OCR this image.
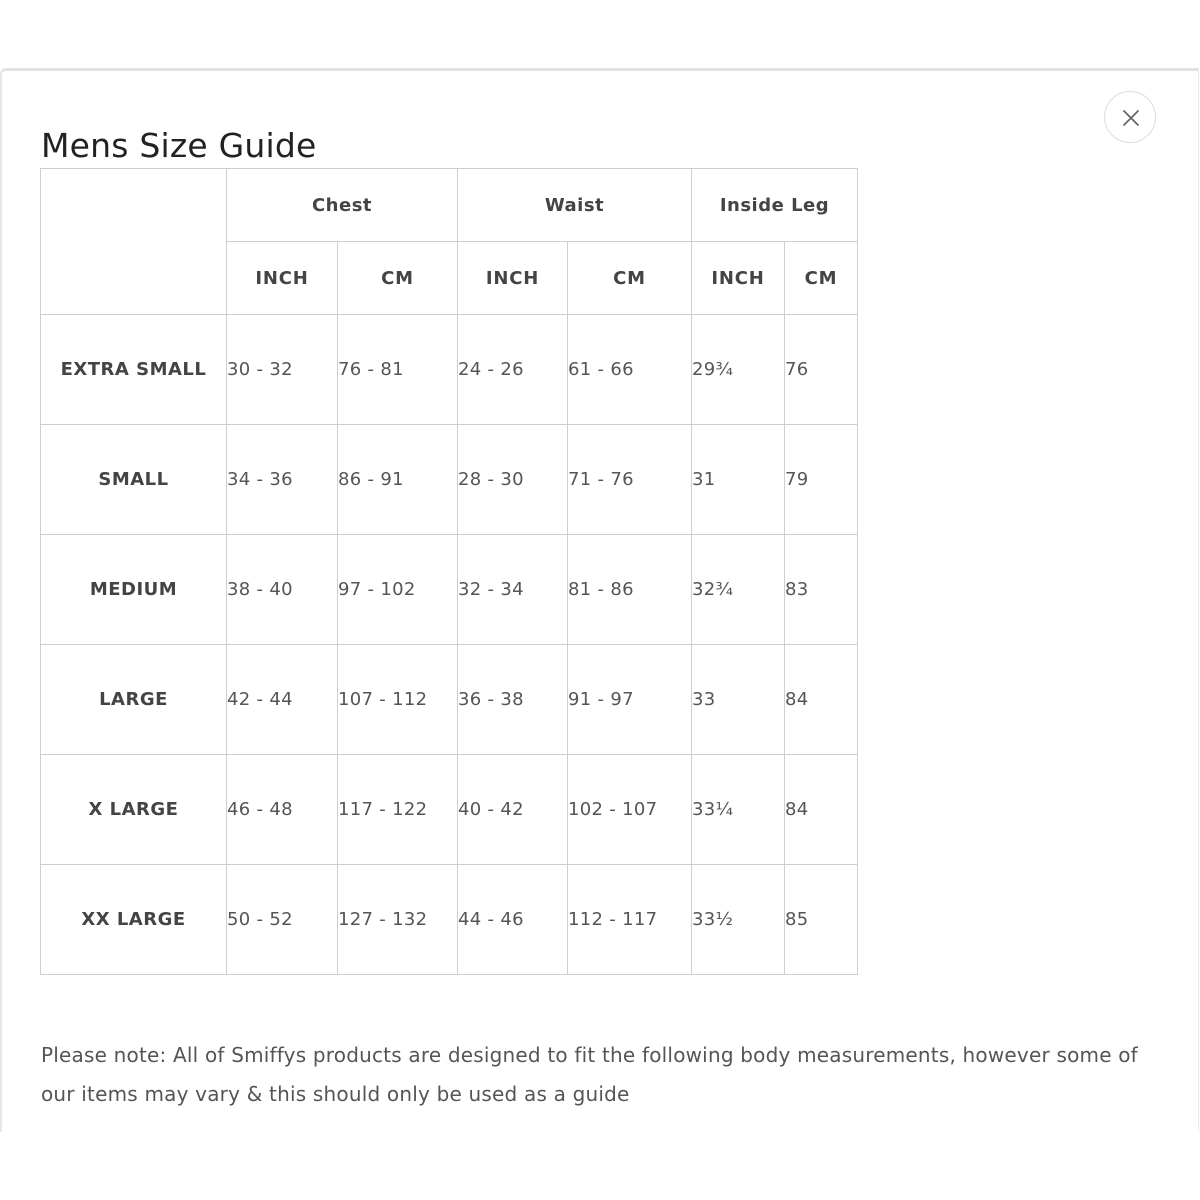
Mens Size Guide
	Chest		Waist		Inside Leg	
	INCH	CM	INCH	CM	INCH	CM
EXTRA SMALL	30 - 32	76 - 81	24 - 26	61 - 66	29¾	76
SMALL	34 - 36	86 - 91	28 - 30	71 - 76	31	79
MEDIUM	38 - 40	97 - 102	32 - 34	81 - 86	32¾	83
LARGE	42 - 44	107 - 112	36 - 38	91 - 97	33	84
X LARGE	46 - 48	117 - 122	40 - 42	102 - 107	33¼	84
XX LARGE	50 - 52	127 - 132	44 - 46	112 - 117	33½	85

Please note: All of Smiffys products are designed to fit the following body measurements, however some of our items may vary & this should only be used as a guide
